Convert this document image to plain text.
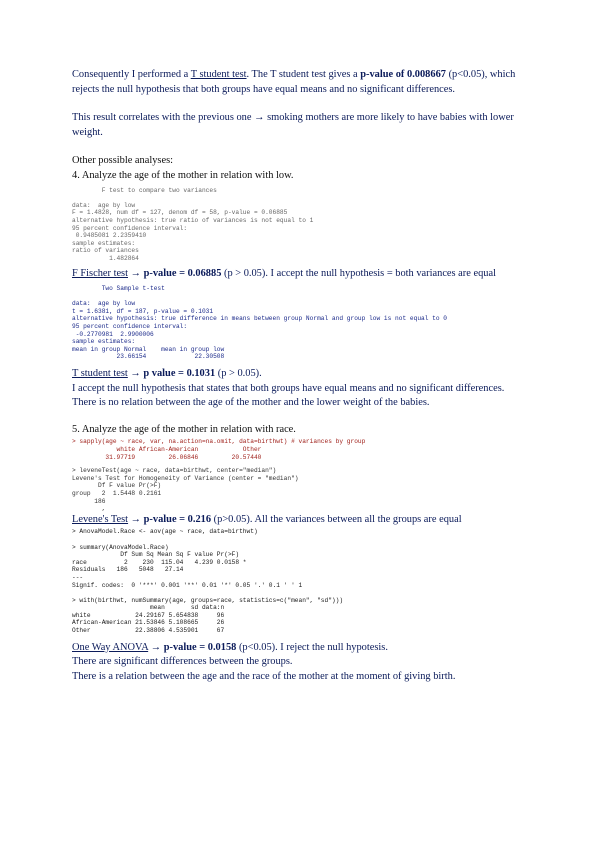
Consequently I performed a T student test. The T student test gives a p-value of 0.008667 (p<0.05), which
rejects the null hypothesis that both groups have equal means and no significant differences.

This result correlates with the previous one → smoking mothers are more likely to have babies with lower
weight.

Other possible analyses:

4. Analyze the age of the mother in relation with low.

F test to compare two variances

data:  age by low
F = 1.4828, num df = 127, denom df = 58, p-value = 0.06885
alternative hypothesis: true ratio of variances is not equal to 1
95 percent confidence interval:
0.9485081 2.2359410
sample estimates:
ratio of variances
1.482864

F Fischer test → p-value = 0.06885 (p > 0.05). I accept the null hypothesis = both variances are equal

Two Sample t-test

data:  age by low
t = 1.6381, df = 187, p-value = 0.1031
alternative hypothesis: true difference in means between group Normal and group low is not equal to 0
95 percent confidence interval:
-0.2770981  2.9900006
sample estimates:
mean in group Normal    mean in group low
23.66154             22.30508

T student test → p value = 0.1031 (p > 0.05).
I accept the null hypothesis that states that both groups have equal means and no significant differences.
There is no relation between the age of the mother and the lower weight of the babies.

5. Analyze the age of the mother in relation with race.

> sapply(age ~ race, var, na.action=na.omit, data=birthwt) # variances by group
white African-American            Other
31.97719         26.06846         20.57440
> leveneTest(age ~ race, data=birthwt, center="median")
Levene's Test for Homogeneity of Variance (center = "median")
Df F value Pr(>F)
group   2  1.5448 0.2161
186
,

Levene's Test → p-value = 0.216 (p>0.05). All the variances between all the groups are equal

> AnovaModel.Race <- aov(age ~ race, data=birthwt)

> summary(AnovaModel.Race)
Df Sum Sq Mean Sq F value Pr(>F)
race          2    230  115.04   4.239 0.0158 *
Residuals   186   5048   27.14
---
Signif. codes:  0 '***' 0.001 '**' 0.01 '*' 0.05 '.' 0.1 ' ' 1

> with(birthwt, numSummary(age, groups=race, statistics=c("mean", "sd")))
mean       sd data:n
white            24.29167 5.654838     96
African-American 21.53846 5.108665     26
Other            22.38806 4.535901     67

One Way ANOVA → p-value = 0.0158 (p<0.05). I reject the null hypotesis.
There are significant differences between the groups.
There is a relation between the age and the race of the mother at the moment of giving birth.
